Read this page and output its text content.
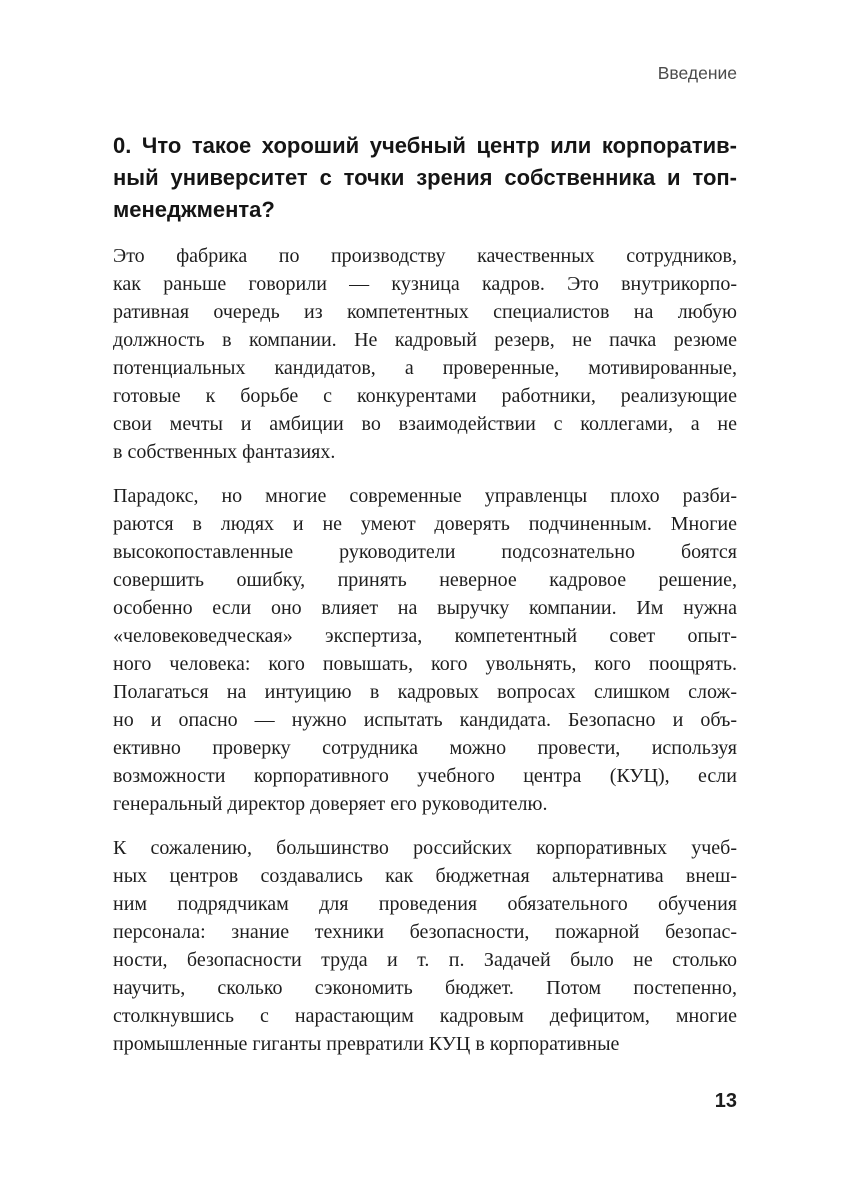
Введение
0. Что такое хороший учебный центр или корпоратив-
ный университет с точки зрения собственника и топ-
менеджмента?
Это фабрика по производству качественных сотрудников,
как раньше говорили — кузница кадров. Это внутрикорпо-
ративная очередь из компетентных специалистов на любую
должность в компании. Не кадровый резерв, не пачка резюме
потенциальных кандидатов, а проверенные, мотивированные,
готовые к борьбе с конкурентами работники, реализующие
свои мечты и амбиции во взаимодействии с коллегами, а не
в собственных фантазиях.
Парадокс, но многие современные управленцы плохо разби-
раются в людях и не умеют доверять подчиненным. Многие
высокопоставленные руководители подсознательно боятся
совершить ошибку, принять неверное кадровое решение,
особенно если оно влияет на выручку компании. Им нужна
«человековедческая» экспертиза, компетентный совет опыт-
ного человека: кого повышать, кого увольнять, кого поощрять.
Полагаться на интуицию в кадровых вопросах слишком слож-
но и опасно — нужно испытать кандидата. Безопасно и объ-
ективно проверку сотрудника можно провести, используя
возможности корпоративного учебного центра (КУЦ), если
генеральный директор доверяет его руководителю.
К сожалению, большинство российских корпоративных учеб-
ных центров создавались как бюджетная альтернатива внеш-
ним подрядчикам для проведения обязательного обучения
персонала: знание техники безопасности, пожарной безопас-
ности, безопасности труда и т. п. Задачей было не столько
научить, сколько сэкономить бюджет. Потом постепенно,
столкнувшись с нарастающим кадровым дефицитом, многие
промышленные гиганты превратили КУЦ в корпоративные
13
